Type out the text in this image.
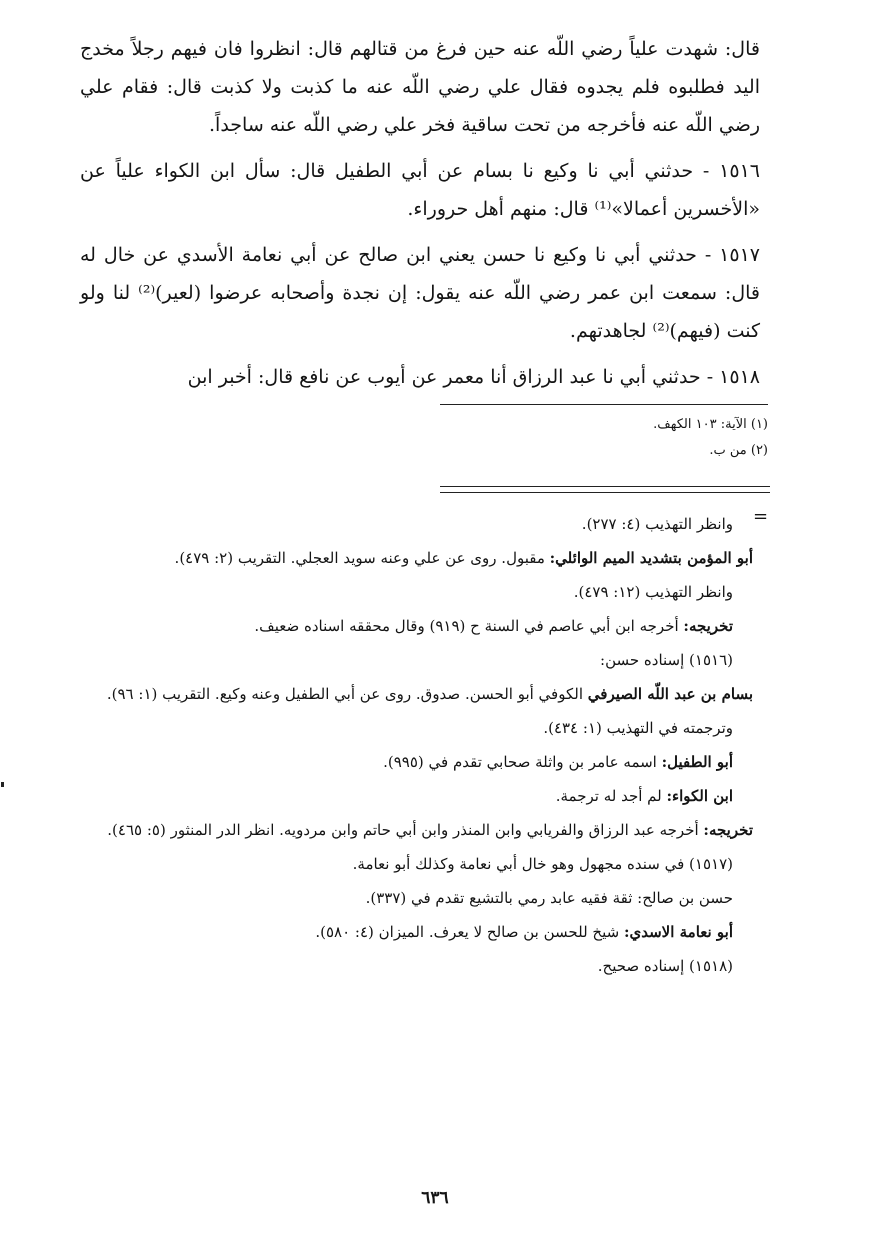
قال: شهدت علياً رضي اللّه عنه حين فرغ من قتالهم قال: انظروا فان فيهم رجلاً مخدج اليد فطلبوه فلم يجدوه فقال علي رضي اللّه عنه ما كذبت ولا كذبت قال: فقام علي رضي اللّه عنه فأخرجه من تحت ساقية فخر علي رضي اللّه عنه ساجداً.

١٥١٦ - حدثني أبي نا وكيع نا بسام عن أبي الطفيل قال: سأل ابن الكواء علياً عن «الأخسرين أعمالا»⁽¹⁾ قال: منهم أهل حروراء.

١٥١٧ - حدثني أبي نا وكيع نا حسن يعني ابن صالح عن أبي نعامة الأسدي عن خال له قال: سمعت ابن عمر رضي اللّه عنه يقول: إن نجدة وأصحابه عرضوا (لعير)⁽²⁾ لنا ولو كنت (فيهم)⁽²⁾ لجاهدتهم.

١٥١٨ - حدثني أبي نا عبد الرزاق أنا معمر عن أيوب عن نافع قال: أخبر ابن

(١) الآية: ١٠٣ الكهف.

(٢) من ب.

=

وانظر التهذيب (٤: ٢٧٧).

أبو المؤمن بتشديد الميم الوائلي: مقبول. روى عن علي وعنه سويد العجلي. التقريب (٢: ٤٧٩).

وانظر التهذيب (١٢: ٤٧٩).

تخريجه: أخرجه ابن أبي عاصم في السنة ح (٩١٩) وقال محققه اسناده ضعيف.

(١٥١٦) إسناده حسن:

بسام بن عبد اللّه الصيرفي الكوفي أبو الحسن. صدوق. روى عن أبي الطفيل وعنه وكيع. التقريب (١: ٩٦).

وترجمته في التهذيب (١: ٤٣٤).

أبو الطفيل: اسمه عامر بن واثلة صحابي تقدم في (٩٩٥).

ابن الكواء: لم أجد له ترجمة.

تخريجه: أخرجه عبد الرزاق والفريابي وابن المنذر وابن أبي حاتم وابن مردويه. انظر الدر المنثور (٥: ٤٦٥).

(١٥١٧) في سنده مجهول وهو خال أبي نعامة وكذلك أبو نعامة.

حسن بن صالح: ثقة فقيه عابد رمي بالتشيع تقدم في (٣٣٧).

أبو نعامة الاسدي: شيخ للحسن بن صالح لا يعرف. الميزان (٤: ٥٨٠).

(١٥١٨) إسناده صحيح.

٦٣٦
